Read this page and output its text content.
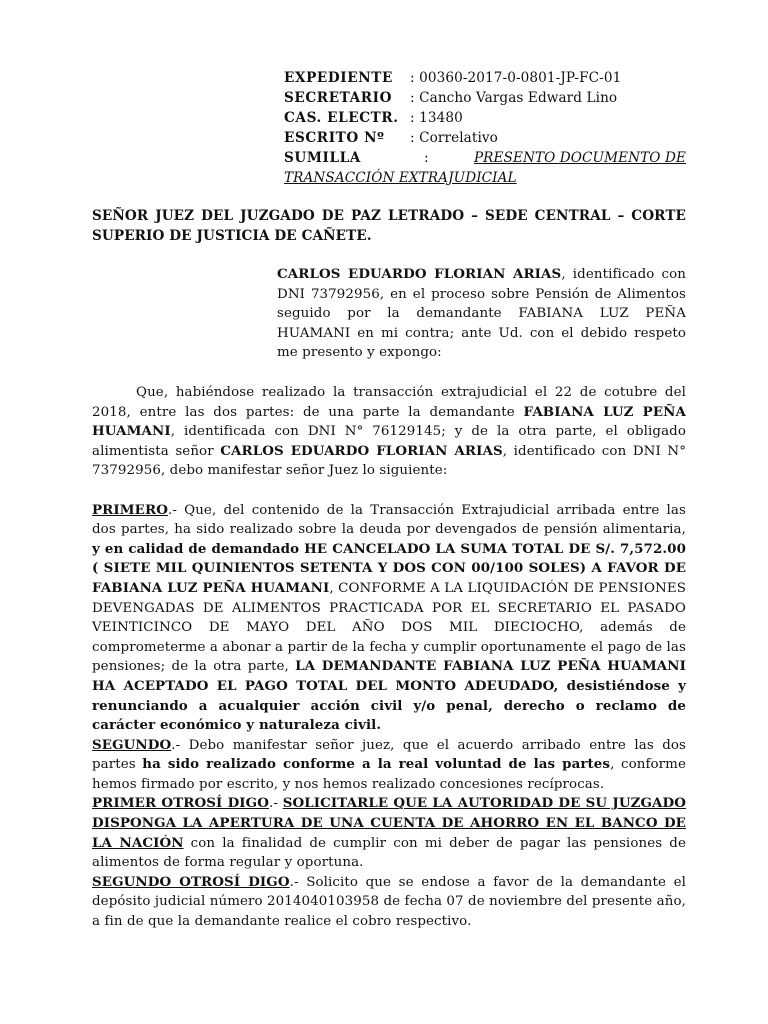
EXPEDIENTE	: 00360-2017-0-0801-JP-FC-01
SECRETARIO	: Cancho Vargas Edward Lino
CAS. ELECTR. : 13480
ESCRITO Nº	: Correlativo
SUMILLA	:	PRESENTO DOCUMENTO DE
TRANSACCIÓN EXTRAJUDICIAL
SEÑOR JUEZ DEL JUZGADO DE PAZ LETRADO – SEDE CENTRAL – CORTE SUPERIO DE JUSTICIA DE CAÑETE.
CARLOS EDUARDO FLORIAN ARIAS, identificado con DNI 73792956, en el proceso sobre Pensión de Alimentos seguido por la demandante FABIANA LUZ PEÑA HUAMANI en mi contra; ante Ud. con el debido respeto me presento y expongo:

Que, habiéndose realizado la transacción extrajudicial el 22 de cotubre del 2018, entre las dos partes: de una parte la demandante FABIANA LUZ PEÑA HUAMANI, identificada con DNI N° 76129145; y de la otra parte, el obligado alimentista señor CARLOS EDUARDO FLORIAN ARIAS, identificado con DNI N° 73792956, debo manifestar señor Juez lo siguiente:

PRIMERO.- Que, del contenido de la Transacción Extrajudicial arribada entre las dos partes, ha sido realizado sobre la deuda por devengados de pensión alimentaria, y en calidad de demandado HE CANCELADO LA SUMA TOTAL DE S/. 7,572.00 ( SIETE MIL QUINIENTOS SETENTA Y DOS CON 00/100 SOLES) A FAVOR DE FABIANA LUZ PEÑA HUAMANI, CONFORME A LA LIQUIDACIÓN DE PENSIONES DEVENGADAS DE ALIMENTOS PRACTICADA POR EL SECRETARIO EL PASADO VEINTICINCO DE MAYO DEL AÑO DOS MIL DIECIOCHO, además de comprometerme a abonar a partir de la fecha y cumplir oportunamente el pago de las pensiones; de la otra parte, LA DEMANDANTE FABIANA LUZ PEÑA HUAMANI HA ACEPTADO EL PAGO TOTAL DEL MONTO ADEUDADO, desistiéndose y renunciando a acualquier acción civil y/o penal, derecho o reclamo de carácter económico y naturaleza civil.

SEGUNDO.- Debo manifestar señor juez, que el acuerdo arribado entre las dos partes ha sido realizado conforme a la real voluntad de las partes, conforme hemos firmado por escrito, y nos hemos realizado concesiones recíprocas.

PRIMER OTROSÍ DIGO.- SOLICITARLE QUE LA AUTORIDAD DE SU JUZGADO DISPONGA LA APERTURA DE UNA CUENTA DE AHORRO EN EL BANCO DE LA NACIÓN con la finalidad de cumplir con mi deber de pagar las pensiones de alimentos de forma regular y oportuna.

SEGUNDO OTROSÍ DIGO.- Solicito que se endose a favor de la demandante el depósito judicial número 2014040103958 de fecha 07 de noviembre del presente año, a fin de que la demandante realice el cobro respectivo.
